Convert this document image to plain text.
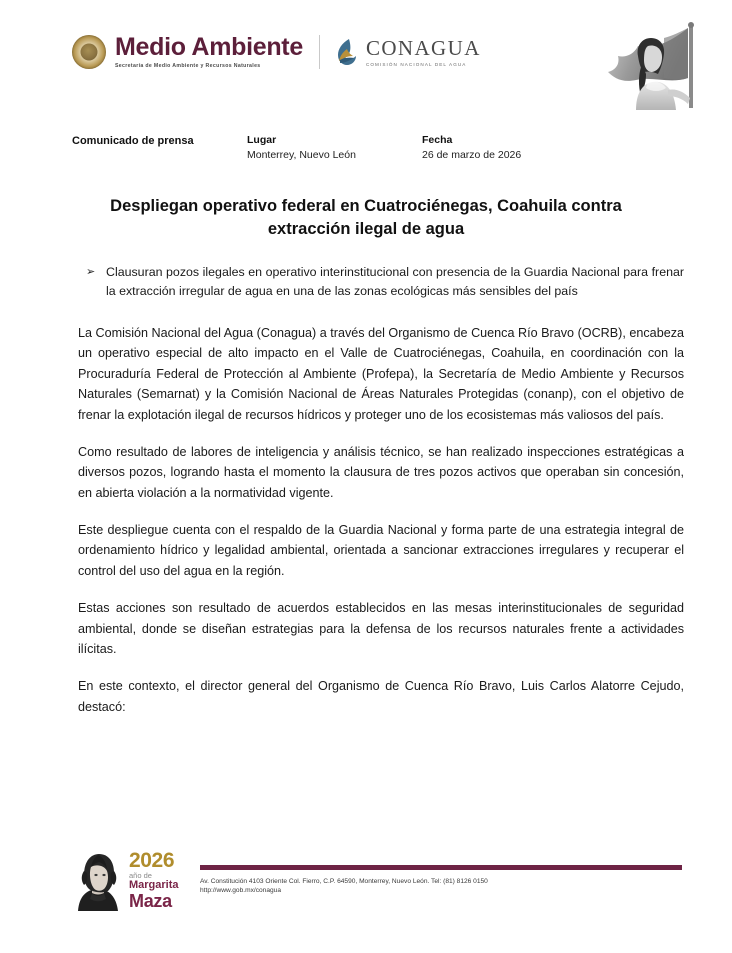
Medio Ambiente
Secretaría de Medio Ambiente y Recursos Naturales
CONAGUA
COMISIÓN NACIONAL DEL AGUA
Comunicado de prensa	Lugar
Monterrey, Nuevo León
Fecha
26 de marzo de 2026
Despliegan operativo federal en Cuatrociénegas, Coahuila contra extracción ilegal de agua
➢ Clausuran pozos ilegales en operativo interinstitucional con presencia de la Guardia Nacional para frenar la extracción irregular de agua en una de las zonas ecológicas más sensibles del país

La Comisión Nacional del Agua (Conagua) a través del Organismo de Cuenca Río Bravo (OCRB), encabeza un operativo especial de alto impacto en el Valle de Cuatrociénegas, Coahuila, en coordinación con la Procuraduría Federal de Protección al Ambiente (Profepa), la Secretaría de Medio Ambiente y Recursos Naturales (Semarnat) y la Comisión Nacional de Áreas Naturales Protegidas (conanp), con el objetivo de frenar la explotación ilegal de recursos hídricos y proteger uno de los ecosistemas más valiosos del país.

Como resultado de labores de inteligencia y análisis técnico, se han realizado inspecciones estratégicas a diversos pozos, logrando hasta el momento la clausura de tres pozos activos que operaban sin concesión, en abierta violación a la normatividad vigente.

Este despliegue cuenta con el respaldo de la Guardia Nacional y forma parte de una estrategia integral de ordenamiento hídrico y legalidad ambiental, orientada a sancionar extracciones irregulares y recuperar el control del uso del agua en la región.

Estas acciones son resultado de acuerdos establecidos en las mesas interinstitucionales de seguridad ambiental, donde se diseñan estrategias para la defensa de los recursos naturales frente a actividades ilícitas.

En este contexto, el director general del Organismo de Cuenca Río Bravo, Luis Carlos Alatorre Cejudo, destacó:

2026
año de
Margarita
Maza
Av. Constitución 4103 Oriente Col. Fierro, C.P. 64590, Monterrey, Nuevo León. Tel: (81) 8126 0150
http://www.gob.mx/conagua
